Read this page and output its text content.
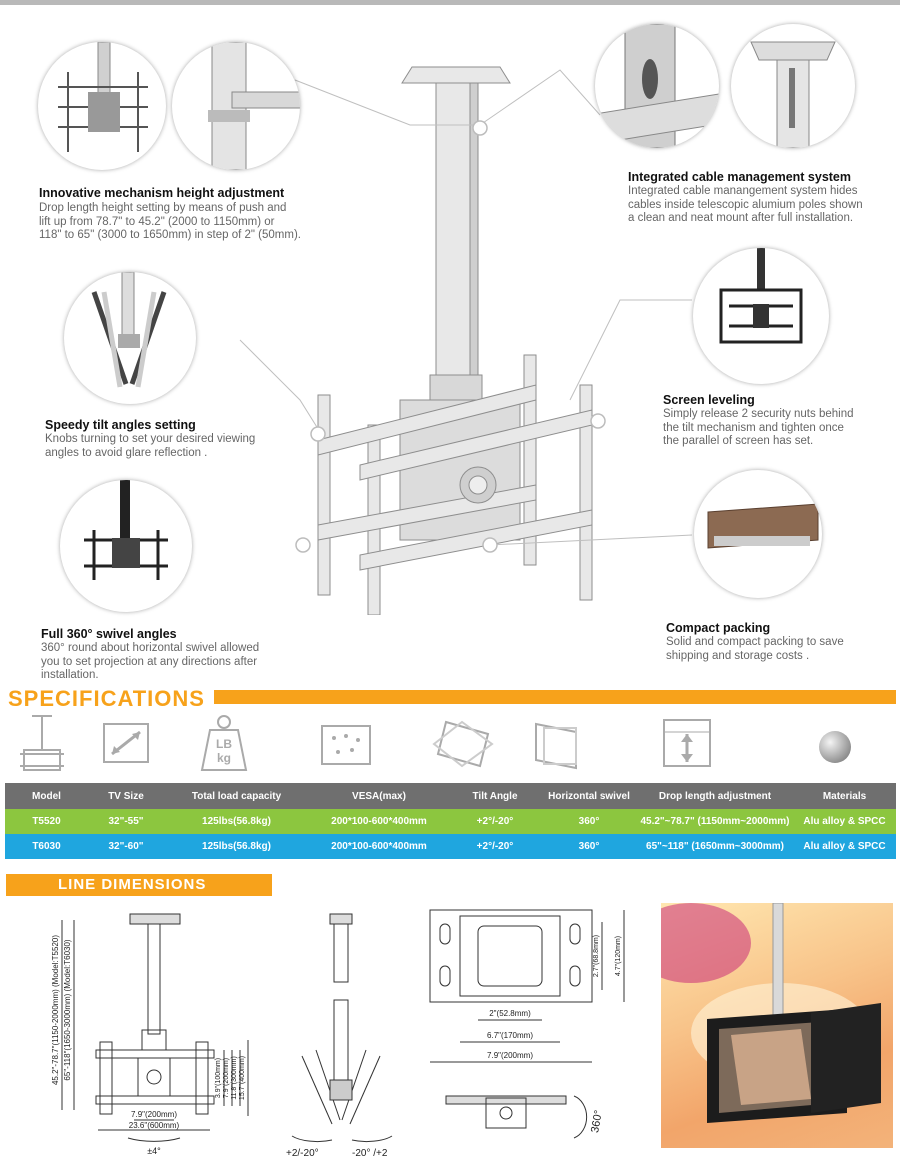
Innovative mechanism height adjustment

Drop length height setting by means of push and
lift up from 78.7" to 45.2" (2000 to 1150mm) or
118" to 65" (3000 to 1650mm) in step of 2" (50mm).

Integrated cable management system

Integrated cable manangement system hides
cables inside telescopic alumium poles shown
a clean and neat mount after full installation.

Speedy tilt angles setting

Knobs turning to set your desired viewing
angles to avoid glare reflection .

Screen leveling

Simply release 2 security nuts behind
the tilt mechanism and tighten once
the parallel of screen has set.

Full 360° swivel angles

360° round about horizontal swivel allowed
you to set projection at any directions after
installation.

Compact packing

Solid and compact packing to save
shipping and storage costs .

SPECIFICATIONS
LB
kg
Model	TV Size	Total load capacity	VESA(max)	Tilt Angle	Horizontal swivel	Drop length adjustment	Materials
T5520	32"-55"	125lbs(56.8kg)	200*100-600*400mm	+2°/-20°	360°	45.2"~78.7" (1150mm~2000mm)	Alu alloy & SPCC
T6030	32"-60"	125lbs(56.8kg)	200*100-600*400mm	+2°/-20°	360°	65"~118" (1650mm~3000mm)	Alu alloy & SPCC
LINE DIMENSIONS
45.2"-78.7"(1150-2000mm) (Model:T5520) 65"-118"(1650-3000mm) (Model:T6030)	3.9"(100mm) 7.9"(200mm) 11.8"(300mm) 15.7"(400mm)
7.9"(200mm)
23.6"(600mm)
±4°	+2/-20°	-20° /+2
2.7"(68.8mm) 4.7"(120mm)
2"(52.8mm)
6.7"(170mm)
7.9"(200mm)
360°
